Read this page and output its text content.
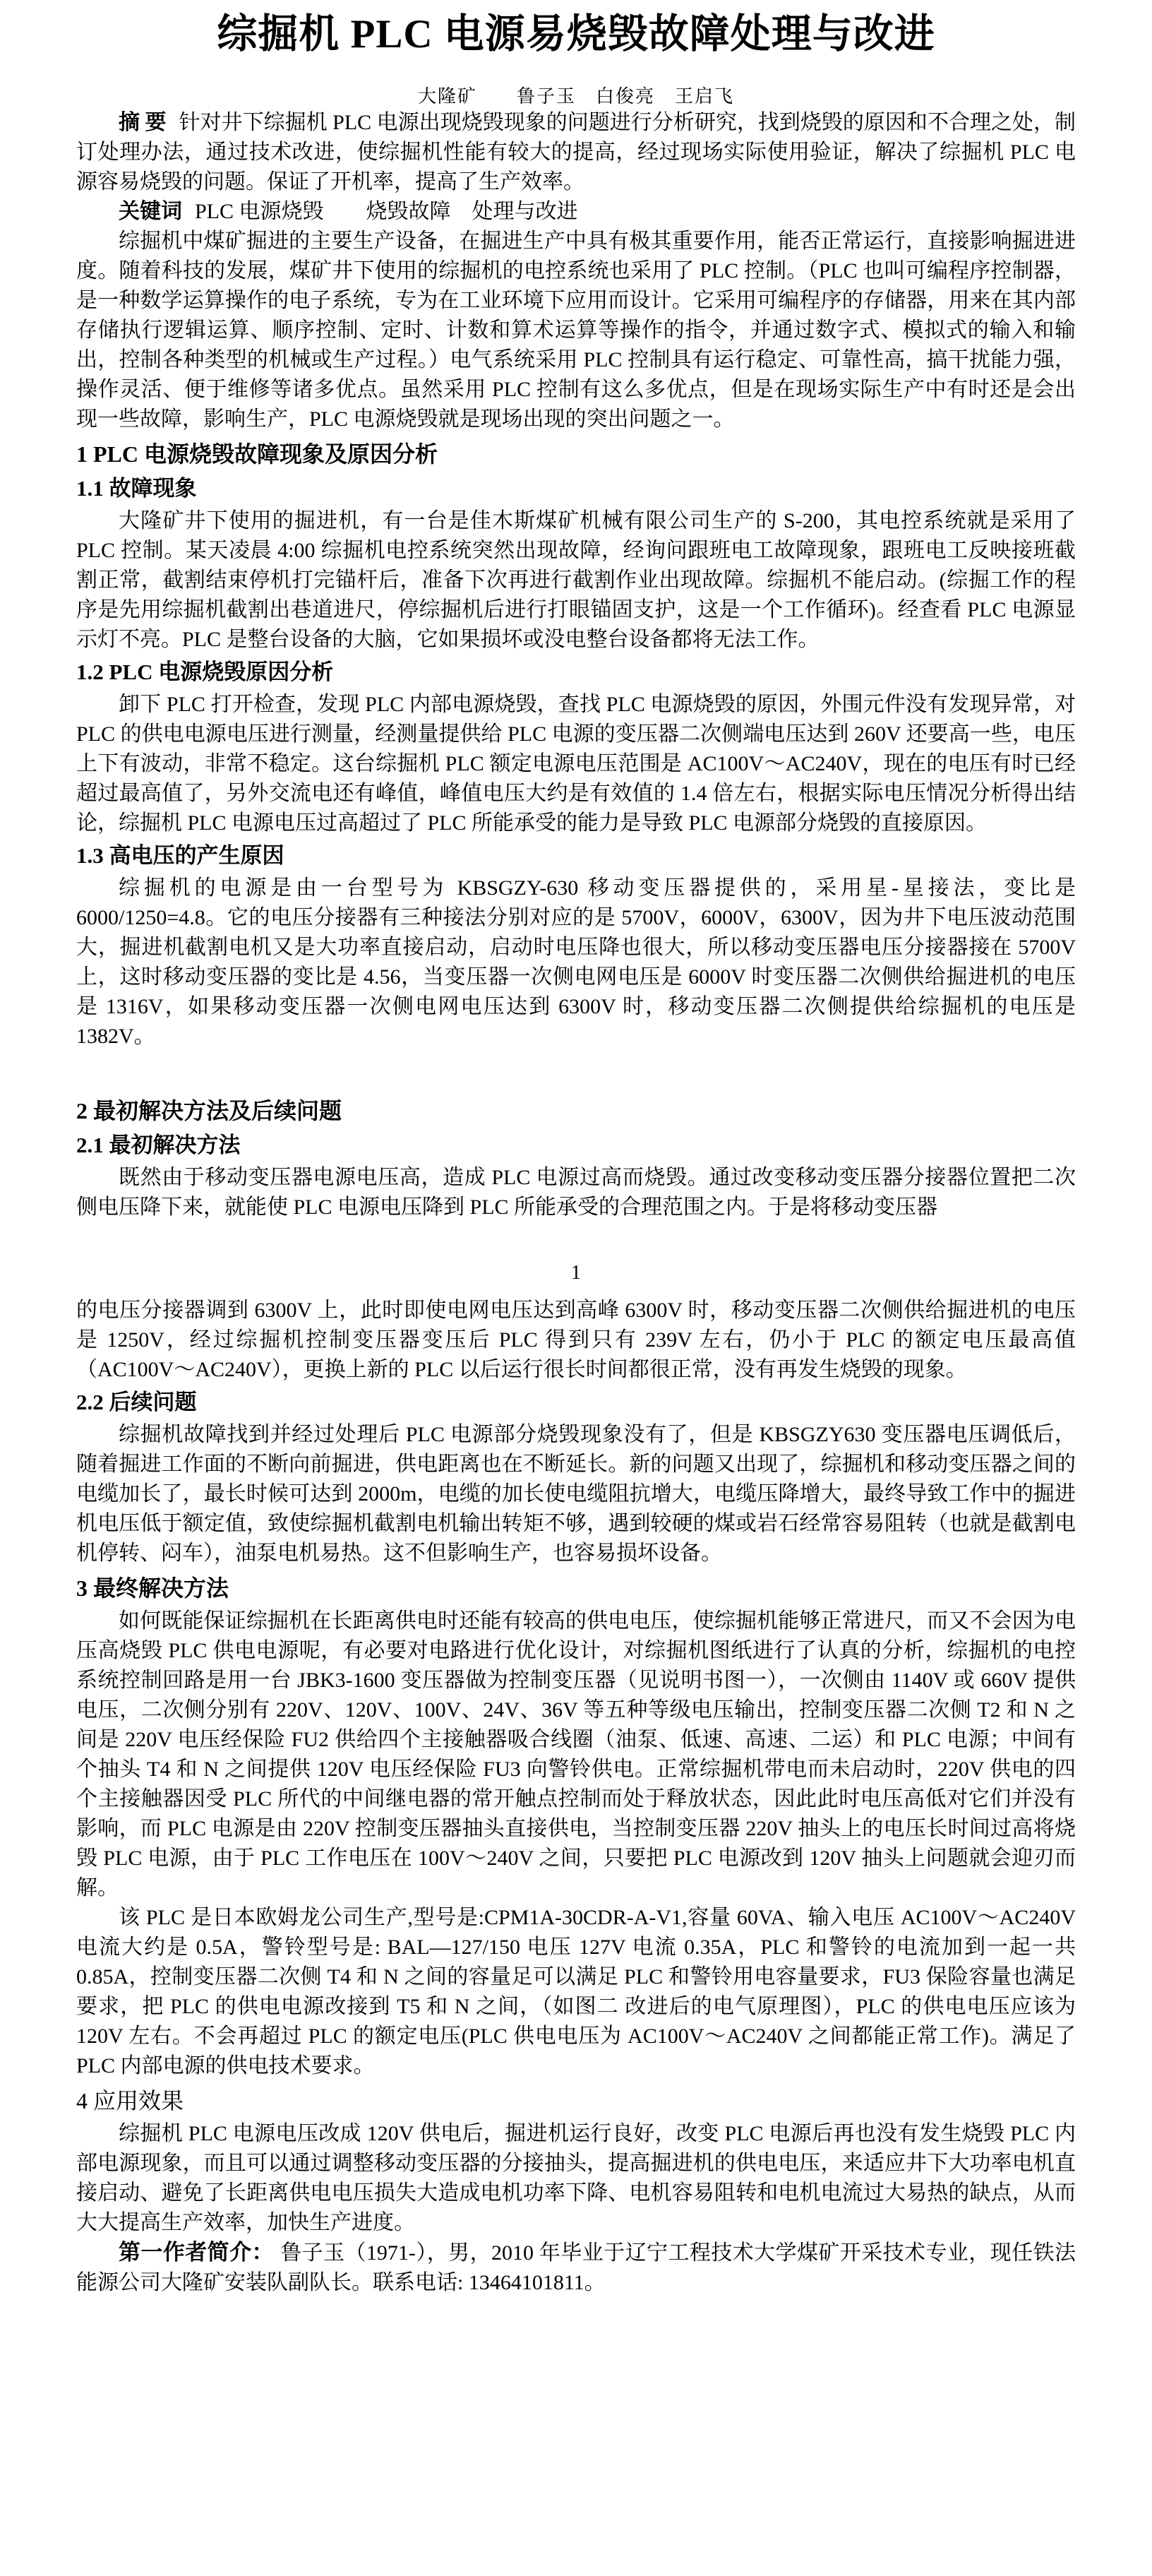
综掘机 PLC 电源易烧毁故障处理与改进
大隆矿　　鲁子玉　白俊亮　王启飞

摘 要 针对井下综掘机 PLC 电源出现烧毁现象的问题进行分析研究，找到烧毁的原因和不合理之处，制订处理办法，通过技术改进，使综掘机性能有较大的提高，经过现场实际使用验证，解决了综掘机 PLC 电源容易烧毁的问题。保证了开机率，提高了生产效率。

关键词 PLC 电源烧毁　　烧毁故障　处理与改进

综掘机中煤矿掘进的主要生产设备，在掘进生产中具有极其重要作用，能否正常运行，直接影响掘进进度。随着科技的发展，煤矿井下使用的综掘机的电控系统也采用了 PLC 控制。（PLC 也叫可编程序控制器，是一种数学运算操作的电子系统，专为在工业环境下应用而设计。它采用可编程序的存储器，用来在其内部存储执行逻辑运算、顺序控制、定时、计数和算术运算等操作的指令，并通过数字式、模拟式的输入和输出，控制各种类型的机械或生产过程。）电气系统采用 PLC 控制具有运行稳定、可靠性高，搞干扰能力强，操作灵活、便于维修等诸多优点。虽然采用 PLC 控制有这么多优点，但是在现场实际生产中有时还是会出现一些故障，影响生产，PLC 电源烧毁就是现场出现的突出问题之一。

1 PLC 电源烧毁故障现象及原因分析
1.1 故障现象

大隆矿井下使用的掘进机，有一台是佳木斯煤矿机械有限公司生产的 S-200，其电控系统就是采用了 PLC 控制。某天凌晨 4:00 综掘机电控系统突然出现故障，经询问跟班电工故障现象，跟班电工反映接班截割正常，截割结束停机打完锚杆后，准备下次再进行截割作业出现故障。综掘机不能启动。(综掘工作的程序是先用综掘机截割出巷道进尺，停综掘机后进行打眼锚固支护，这是一个工作循环)。经查看 PLC 电源显示灯不亮。PLC 是整台设备的大脑，它如果损坏或没电整台设备都将无法工作。

1.2 PLC 电源烧毁原因分析

卸下 PLC 打开检查，发现 PLC 内部电源烧毁，查找 PLC 电源烧毁的原因，外围元件没有发现异常，对 PLC 的供电电源电压进行测量，经测量提供给 PLC 电源的变压器二次侧端电压达到 260V 还要高一些，电压上下有波动，非常不稳定。这台综掘机 PLC 额定电源电压范围是 AC100V～AC240V，现在的电压有时已经超过最高值了，另外交流电还有峰值，峰值电压大约是有效值的 1.4 倍左右，根据实际电压情况分析得出结论，综掘机 PLC 电源电压过高超过了 PLC 所能承受的能力是导致 PLC 电源部分烧毁的直接原因。

1.3 高电压的产生原因

综掘机的电源是由一台型号为 KBSGZY-630 移动变压器提供的，采用星-星接法，变比是 6000/1250=4.8。它的电压分接器有三种接法分别对应的是 5700V，6000V，6300V，因为井下电压波动范围大，掘进机截割电机又是大功率直接启动，启动时电压降也很大，所以移动变压器电压分接器接在 5700V 上，这时移动变压器的变比是 4.56，当变压器一次侧电网电压是 6000V 时变压器二次侧供给掘进机的电压是 1316V，如果移动变压器一次侧电网电压达到 6300V 时，移动变压器二次侧提供给综掘机的电压是 1382V。

2 最初解决方法及后续问题
2.1 最初解决方法

既然由于移动变压器电源电压高，造成 PLC 电源过高而烧毁。通过改变移动变压器分接器位置把二次侧电压降下来，就能使 PLC 电源电压降到 PLC 所能承受的合理范围之内。于是将移动变压器

1

的电压分接器调到 6300V 上，此时即使电网电压达到高峰 6300V 时，移动变压器二次侧供给掘进机的电压是 1250V，经过综掘机控制变压器变压后 PLC 得到只有 239V 左右，仍小于 PLC 的额定电压最高值（AC100V～AC240V），更换上新的 PLC 以后运行很长时间都很正常，没有再发生烧毁的现象。

2.2 后续问题

综掘机故障找到并经过处理后 PLC 电源部分烧毁现象没有了，但是 KBSGZY630 变压器电压调低后，随着掘进工作面的不断向前掘进，供电距离也在不断延长。新的问题又出现了，综掘机和移动变压器之间的电缆加长了，最长时候可达到 2000m，电缆的加长使电缆阻抗增大，电缆压降增大，最终导致工作中的掘进机电压低于额定值，致使综掘机截割电机输出转矩不够，遇到较硬的煤或岩石经常容易阻转（也就是截割电机停转、闷车），油泵电机易热。这不但影响生产，也容易损坏设备。

3 最终解决方法

如何既能保证综掘机在长距离供电时还能有较高的供电电压，使综掘机能够正常进尺，而又不会因为电压高烧毁 PLC 供电电源呢，有必要对电路进行优化设计，对综掘机图纸进行了认真的分析，综掘机的电控系统控制回路是用一台 JBK3-1600 变压器做为控制变压器（见说明书图一），一次侧由 1140V 或 660V 提供电压，二次侧分别有 220V、120V、100V、24V、36V 等五种等级电压输出，控制变压器二次侧 T2 和 N 之间是 220V 电压经保险 FU2 供给四个主接触器吸合线圈（油泵、低速、高速、二运）和 PLC 电源；中间有个抽头 T4 和 N 之间提供 120V 电压经保险 FU3 向警铃供电。正常综掘机带电而未启动时，220V 供电的四个主接触器因受 PLC 所代的中间继电器的常开触点控制而处于释放状态，因此此时电压高低对它们并没有影响，而 PLC 电源是由 220V 控制变压器抽头直接供电，当控制变压器 220V 抽头上的电压长时间过高将烧毁 PLC 电源，由于 PLC 工作电压在 100V～240V 之间，只要把 PLC 电源改到 120V 抽头上问题就会迎刃而解。

该 PLC 是日本欧姆龙公司生产,型号是:CPM1A-30CDR-A-V1,容量 60VA、输入电压 AC100V～AC240V 电流大约是 0.5A，警铃型号是: BAL—127/150 电压 127V 电流 0.35A，PLC 和警铃的电流加到一起一共 0.85A，控制变压器二次侧 T4 和 N 之间的容量足可以满足 PLC 和警铃用电容量要求，FU3 保险容量也满足要求，把 PLC 的供电电源改接到 T5 和 N 之间，（如图二 改进后的电气原理图），PLC 的供电电压应该为 120V 左右。不会再超过 PLC 的额定电压(PLC 供电电压为 AC100V～AC240V 之间都能正常工作)。满足了 PLC 内部电源的供电技术要求。

4 应用效果

综掘机 PLC 电源电压改成 120V 供电后，掘进机运行良好，改变 PLC 电源后再也没有发生烧毁 PLC 内部电源现象，而且可以通过调整移动变压器的分接抽头，提高掘进机的供电电压，来适应井下大功率电机直接启动、避免了长距离供电电压损失大造成电机功率下降、电机容易阻转和电机电流过大易热的缺点，从而大大提高生产效率，加快生产进度。

第一作者简介： 鲁子玉（1971-），男，2010 年毕业于辽宁工程技术大学煤矿开采技术专业，现任铁法能源公司大隆矿安装队副队长。联系电话: 13464101811。
